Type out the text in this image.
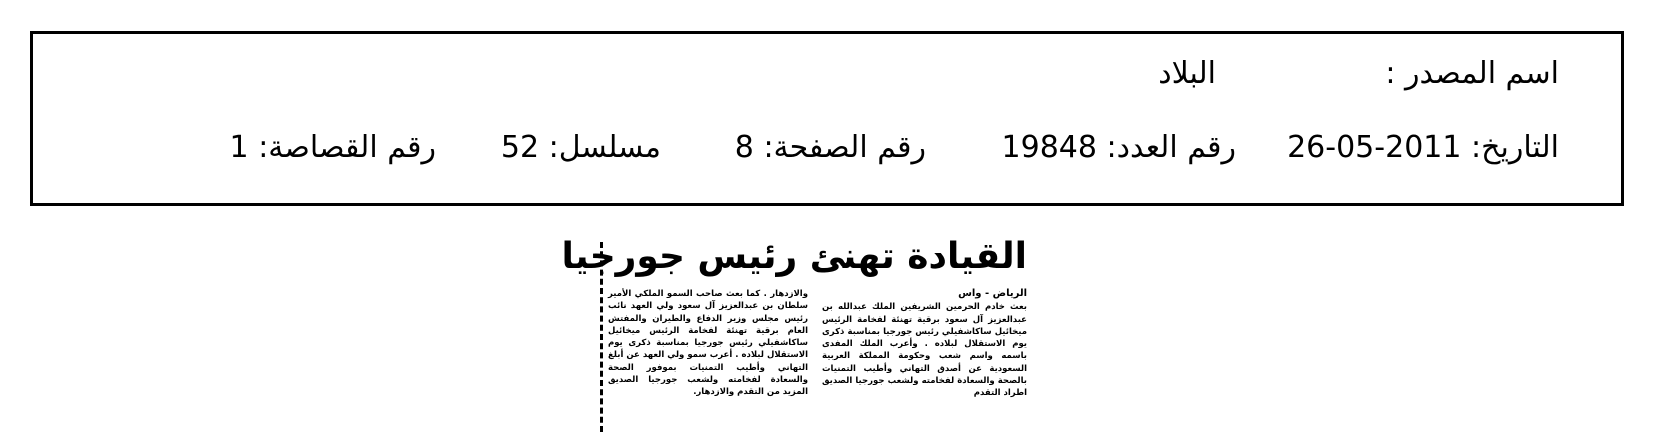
اسم المصدر :
البلاد
التاريخ: 2011-05-26
رقم العدد: 19848
رقم الصفحة: 8
مسلسل: 52
رقم القصاصة: 1
القيادة تهنئ رئيس جورجيا
الرياض - واس
بعث خادم الحرمين الشريفين الملك عبدالله بن عبدالعزيز آل سعود برقية تهنئة لفخامة الرئيس ميخائيل ساكاشفيلي رئيس جورجيا بمناسبة ذكرى يوم الاستقلال لبلاده . وأعرب الملك المفدى باسمه واسم شعب وحكومة المملكة العربية السعودية عن أصدق التهاني وأطيب التمنيات بالصحة والسعادة لفخامته ولشعب جورجيا الصديق اطراد التقدم
والازدهار . كما بعث صاحب السمو الملكي الأمير سلطان بن عبدالعزيز آل سعود ولي العهد نائب رئيس مجلس وزير الدفاع والطيران والمفتش العام برقية تهنئة لفخامة الرئيس ميخائيل ساكاشفيلي رئيس جورجيا بمناسبة ذكرى يوم الاستقلال لبلاده . أعرب سمو ولي العهد عن أبلغ التهاني وأطيب التمنيات بموفور الصحة والسعادة لفخامته ولشعب جورجيا الصديق المزيد من التقدم والازدهار.
